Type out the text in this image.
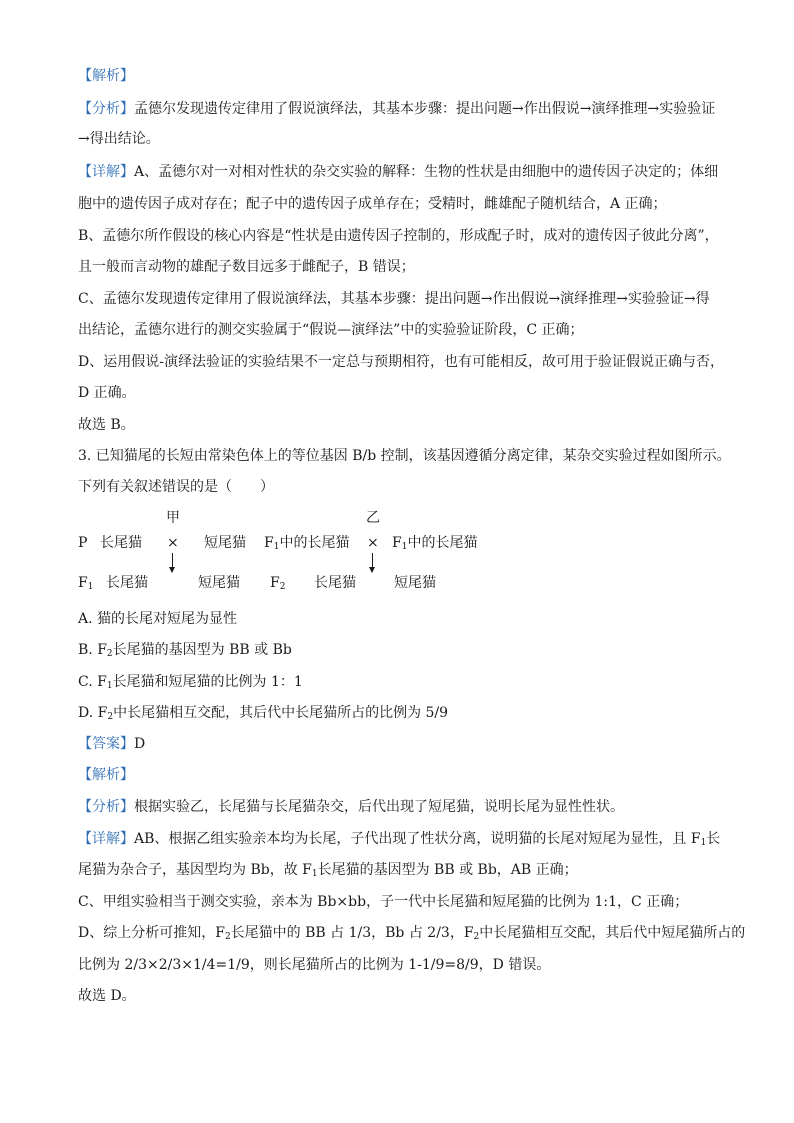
【解析】
【分析】孟德尔发现遗传定律用了假说演绎法，其基本步骤：提出问题→作出假说→演绎推理→实验验证
→得出结论。
【详解】A、孟德尔对一对相对性状的杂交实验的解释：生物的性状是由细胞中的遗传因子决定的；体细
胞中的遗传因子成对存在；配子中的遗传因子成单存在；受精时，雌雄配子随机结合，A 正确；
B、孟德尔所作假设的核心内容是“性状是由遗传因子控制的，形成配子时，成对的遗传因子彼此分离”，
且一般而言动物的雄配子数目远多于雌配子，B 错误；
C、孟德尔发现遗传定律用了假说演绎法，其基本步骤：提出问题→作出假说→演绎推理→实验验证→得
出结论，孟德尔进行的测交实验属于“假说—演绎法”中的实验验证阶段，C 正确；
D、运用假说-演绎法验证的实验结果不一定总与预期相符，也有可能相反，故可用于验证假说正确与否，
D 正确。
故选 B。
3. 已知猫尾的长短由常染色体上的等位基因 B/b 控制，该基因遵循分离定律，某杂交实验过程如图所示。
下列有关叙述错误的是（　　）
甲	乙
P 长尾猫 × 短尾猫 $F_1$中的长尾猫 × $F_1$中的长尾猫
$F_1$ 长尾猫	短尾猫 $F_2$ 长尾猫	短尾猫
A. 猫的长尾对短尾为显性
B. $F_2$长尾猫的基因型为 BB 或 Bb
C. $F_1$长尾猫和短尾猫的比例为 1：1
D. $F_2$中长尾猫相互交配，其后代中长尾猫所占的比例为 5/9
【答案】D
【解析】
【分析】根据实验乙，长尾猫与长尾猫杂交，后代出现了短尾猫，说明长尾为显性性状。
【详解】AB、根据乙组实验亲本均为长尾，子代出现了性状分离，说明猫的长尾对短尾为显性，且 $F_1$长
尾猫为杂合子，基因型均为 Bb，故 $F_1$长尾猫的基因型为 BB 或 Bb，AB 正确；
C、甲组实验相当于测交实验，亲本为 Bb×bb，子一代中长尾猫和短尾猫的比例为 1:1，C 正确；
D、综上分析可推知，$F_2$长尾猫中的 BB 占 1/3，Bb 占 2/3，$F_2$中长尾猫相互交配，其后代中短尾猫所占的
比例为 2/3×2/3×1/4=1/9，则长尾猫所占的比例为 1-1/9=8/9，D 错误。
故选 D。
